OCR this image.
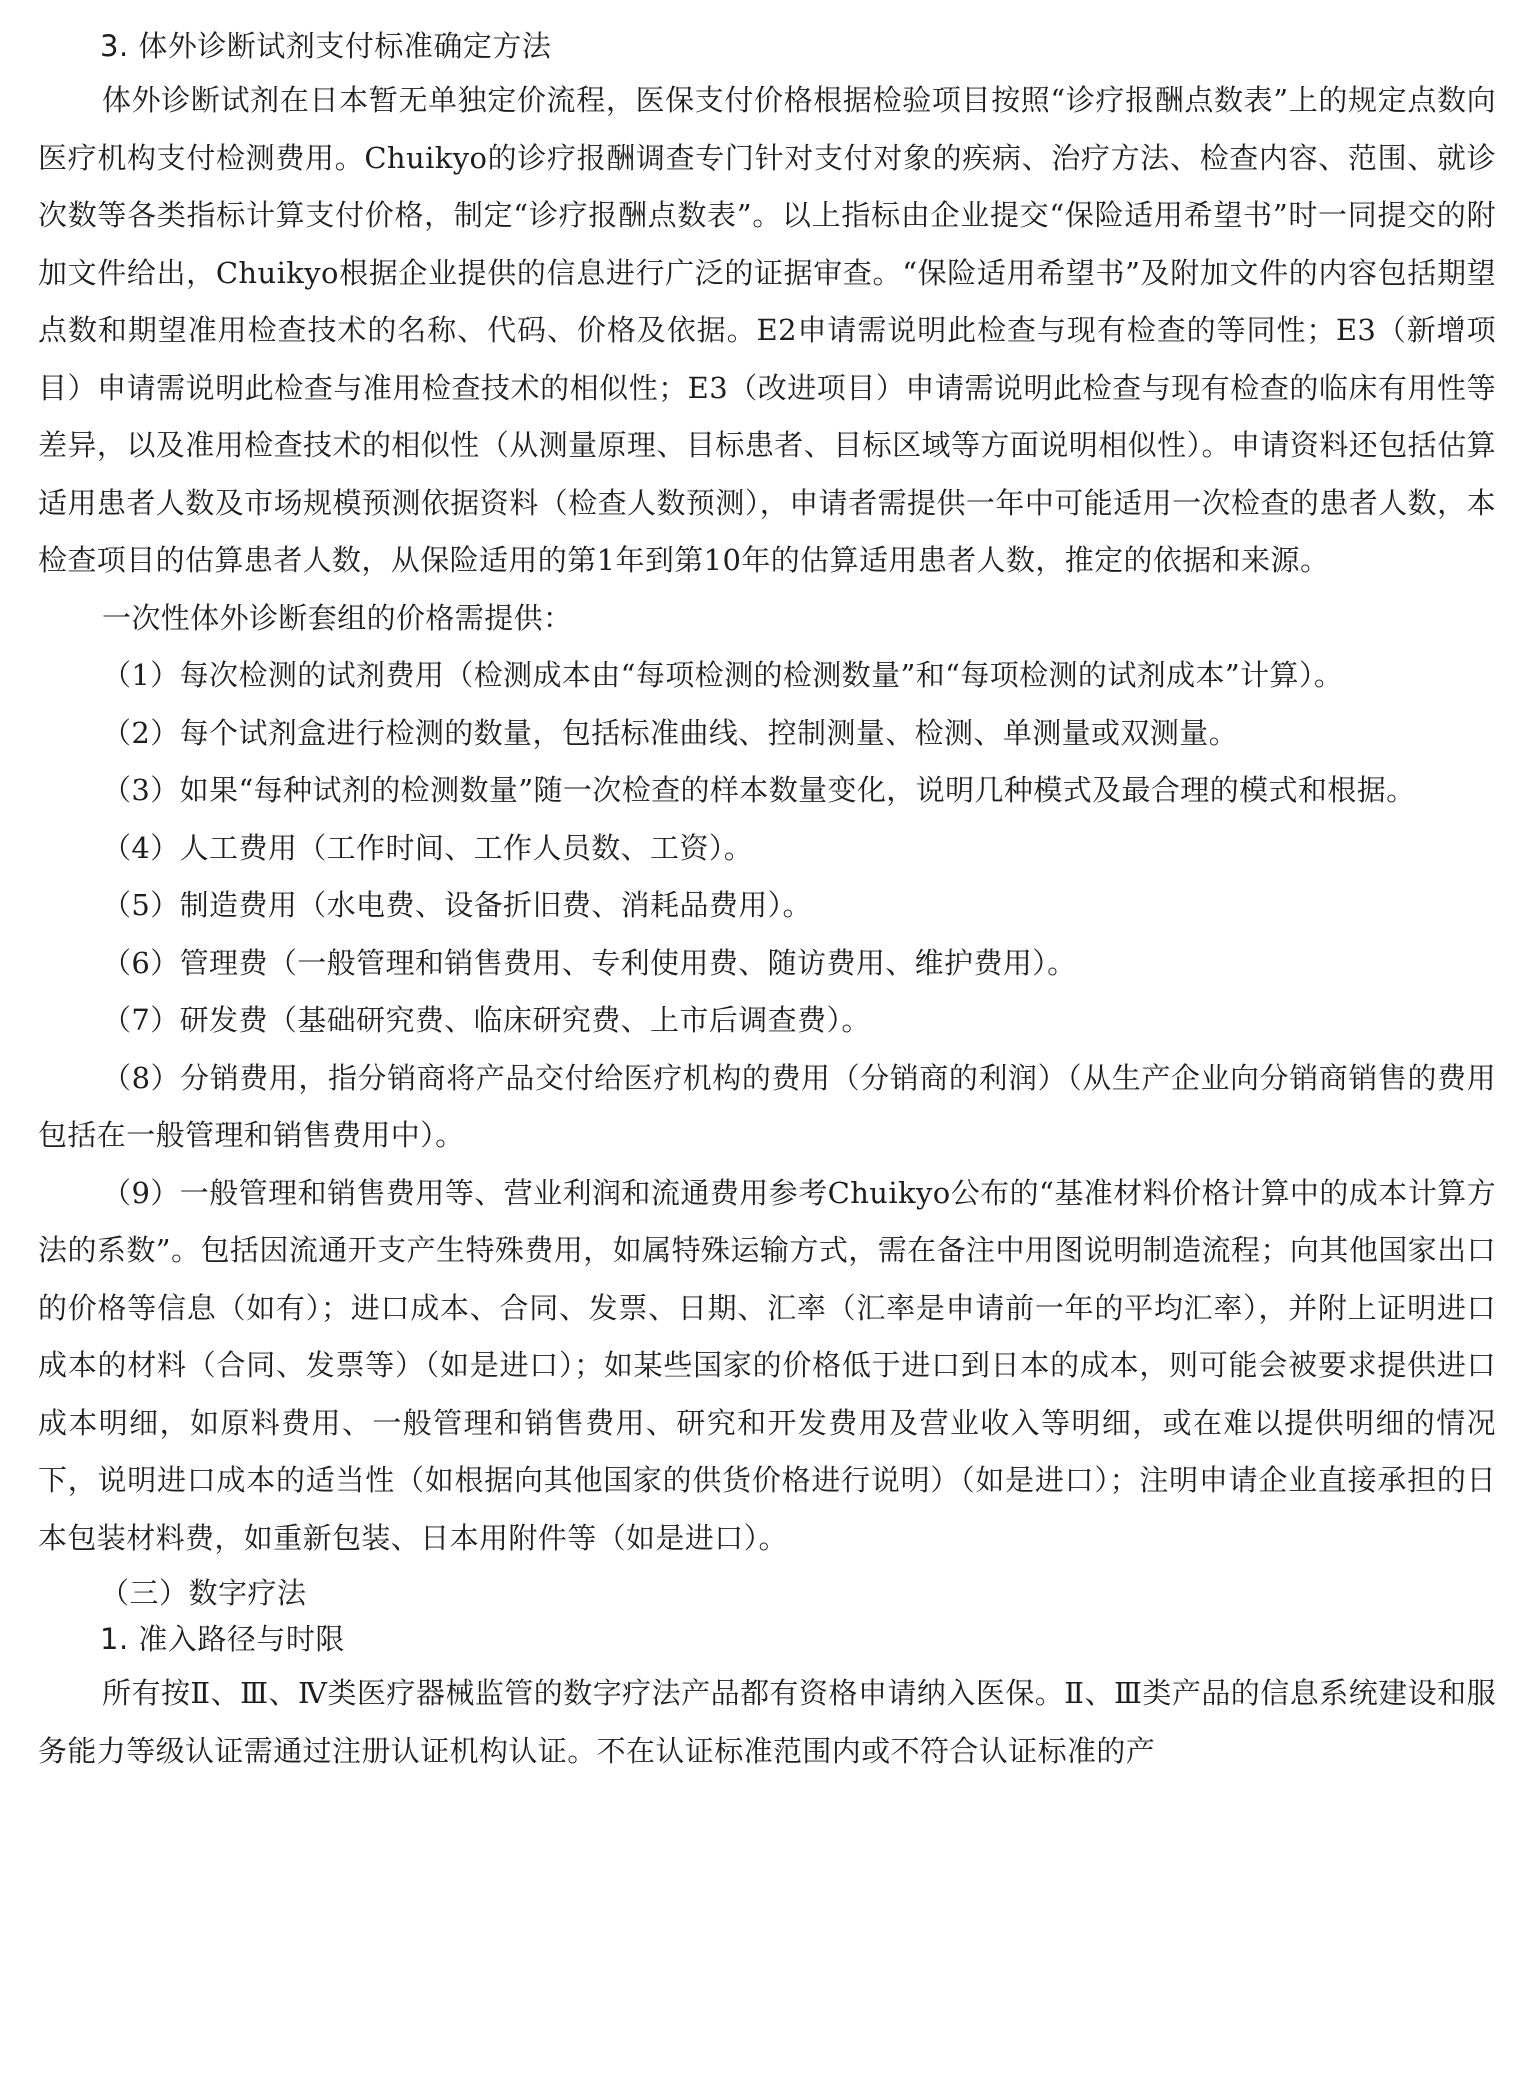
3. 体外诊断试剂支付标准确定方法

体外诊断试剂在日本暂无单独定价流程，医保支付价格根据检验项目按照“诊疗报酬点数表”上的规定点数向医疗机构支付检测费用。Chuikyo的诊疗报酬调查专门针对支付对象的疾病、治疗方法、检查内容、范围、就诊次数等各类指标计算支付价格，制定“诊疗报酬点数表”。以上指标由企业提交“保险适用希望书”时一同提交的附加文件给出，Chuikyo根据企业提供的信息进行广泛的证据审查。“保险适用希望书”及附加文件的内容包括期望点数和期望准用检查技术的名称、代码、价格及依据。E2申请需说明此检查与现有检查的等同性；E3（新增项目）申请需说明此检查与准用检查技术的相似性；E3（改进项目）申请需说明此检查与现有检查的临床有用性等差异，以及准用检查技术的相似性（从测量原理、目标患者、目标区域等方面说明相似性）。申请资料还包括估算适用患者人数及市场规模预测依据资料（检查人数预测），申请者需提供一年中可能适用一次检查的患者人数，本检查项目的估算患者人数，从保险适用的第1年到第10年的估算适用患者人数，推定的依据和来源。

一次性体外诊断套组的价格需提供：

（1）每次检测的试剂费用（检测成本由“每项检测的检测数量”和“每项检测的试剂成本”计算）。

（2）每个试剂盒进行检测的数量，包括标准曲线、控制测量、检测、单测量或双测量。

（3）如果“每种试剂的检测数量”随一次检查的样本数量变化，说明几种模式及最合理的模式和根据。

（4）人工费用（工作时间、工作人员数、工资）。

（5）制造费用（水电费、设备折旧费、消耗品费用）。

（6）管理费（一般管理和销售费用、专利使用费、随访费用、维护费用）。

（7）研发费（基础研究费、临床研究费、上市后调查费）。

（8）分销费用，指分销商将产品交付给医疗机构的费用（分销商的利润）（从生产企业向分销商销售的费用包括在一般管理和销售费用中）。

（9）一般管理和销售费用等、营业利润和流通费用参考Chuikyo公布的“基准材料价格计算中的成本计算方法的系数”。包括因流通开支产生特殊费用，如属特殊运输方式，需在备注中用图说明制造流程；向其他国家出口的价格等信息（如有）；进口成本、合同、发票、日期、汇率（汇率是申请前一年的平均汇率），并附上证明进口成本的材料（合同、发票等）（如是进口）；如某些国家的价格低于进口到日本的成本，则可能会被要求提供进口成本明细，如原料费用、一般管理和销售费用、研究和开发费用及营业收入等明细，或在难以提供明细的情况下，说明进口成本的适当性（如根据向其他国家的供货价格进行说明）（如是进口）；注明申请企业直接承担的日本包装材料费，如重新包装、日本用附件等（如是进口）。

（三）数字疗法
1. 准入路径与时限

所有按Ⅱ、Ⅲ、Ⅳ类医疗器械监管的数字疗法产品都有资格申请纳入医保。Ⅱ、Ⅲ类产品的信息系统建设和服务能力等级认证需通过注册认证机构认证。不在认证标准范围内或不符合认证标准的产
